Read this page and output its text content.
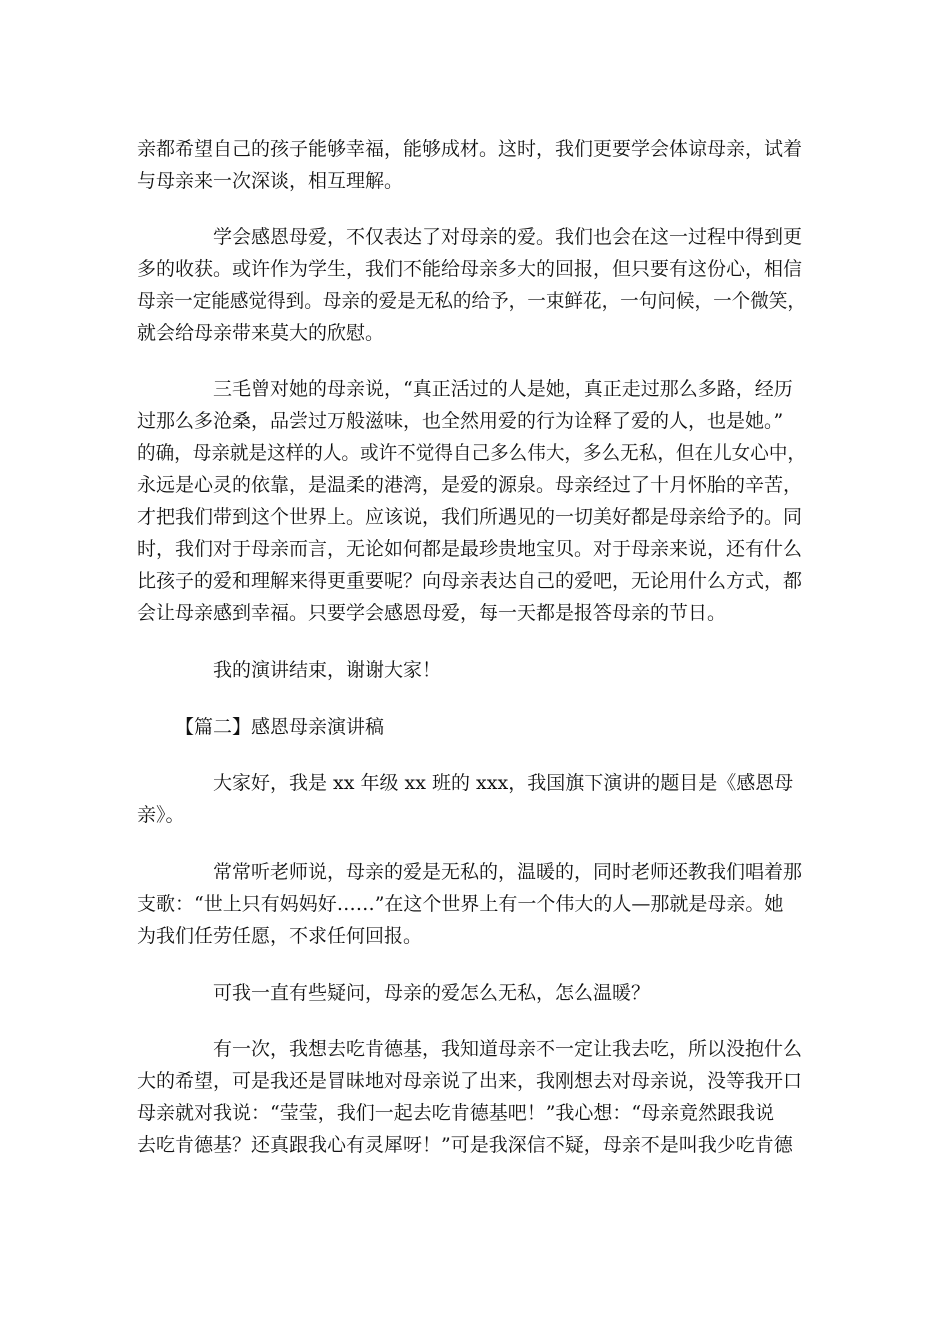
亲都希望自己的孩子能够幸福，能够成材。这时，我们更要学会体谅母亲，试着
与母亲来一次深谈，相互理解。
学会感恩母爱，不仅表达了对母亲的爱。我们也会在这一过程中得到更
多的收获。或许作为学生，我们不能给母亲多大的回报，但只要有这份心，相信
母亲一定能感觉得到。母亲的爱是无私的给予，一束鲜花，一句问候，一个微笑，
就会给母亲带来莫大的欣慰。
三毛曾对她的母亲说，“真正活过的人是她，真正走过那么多路，经历
过那么多沧桑，品尝过万般滋味，也全然用爱的行为诠释了爱的人，也是她。”
的确，母亲就是这样的人。或许不觉得自己多么伟大，多么无私，但在儿女心中，
永远是心灵的依靠，是温柔的港湾，是爱的源泉。母亲经过了十月怀胎的辛苦，
才把我们带到这个世界上。应该说，我们所遇见的一切美好都是母亲给予的。同
时，我们对于母亲而言，无论如何都是最珍贵地宝贝。对于母亲来说，还有什么
比孩子的爱和理解来得更重要呢？向母亲表达自己的爱吧，无论用什么方式，都
会让母亲感到幸福。只要学会感恩母爱，每一天都是报答母亲的节日。
我的演讲结束，谢谢大家！
【篇二】感恩母亲演讲稿
大家好，我是 xx 年级 xx 班的 xxx，我国旗下演讲的题目是《感恩母
亲》。
常常听老师说，母亲的爱是无私的，温暖的，同时老师还教我们唱着那
支歌：“世上只有妈妈好……”在这个世界上有一个伟大的人—那就是母亲。她
为我们任劳任愿，不求任何回报。
可我一直有些疑问，母亲的爱怎么无私，怎么温暖？
有一次，我想去吃肯德基，我知道母亲不一定让我去吃，所以没抱什么
大的希望，可是我还是冒昧地对母亲说了出来，我刚想去对母亲说，没等我开口
母亲就对我说：“莹莹，我们一起去吃肯德基吧！”我心想：“母亲竟然跟我说
去吃肯德基？还真跟我心有灵犀呀！”可是我深信不疑，母亲不是叫我少吃肯德
